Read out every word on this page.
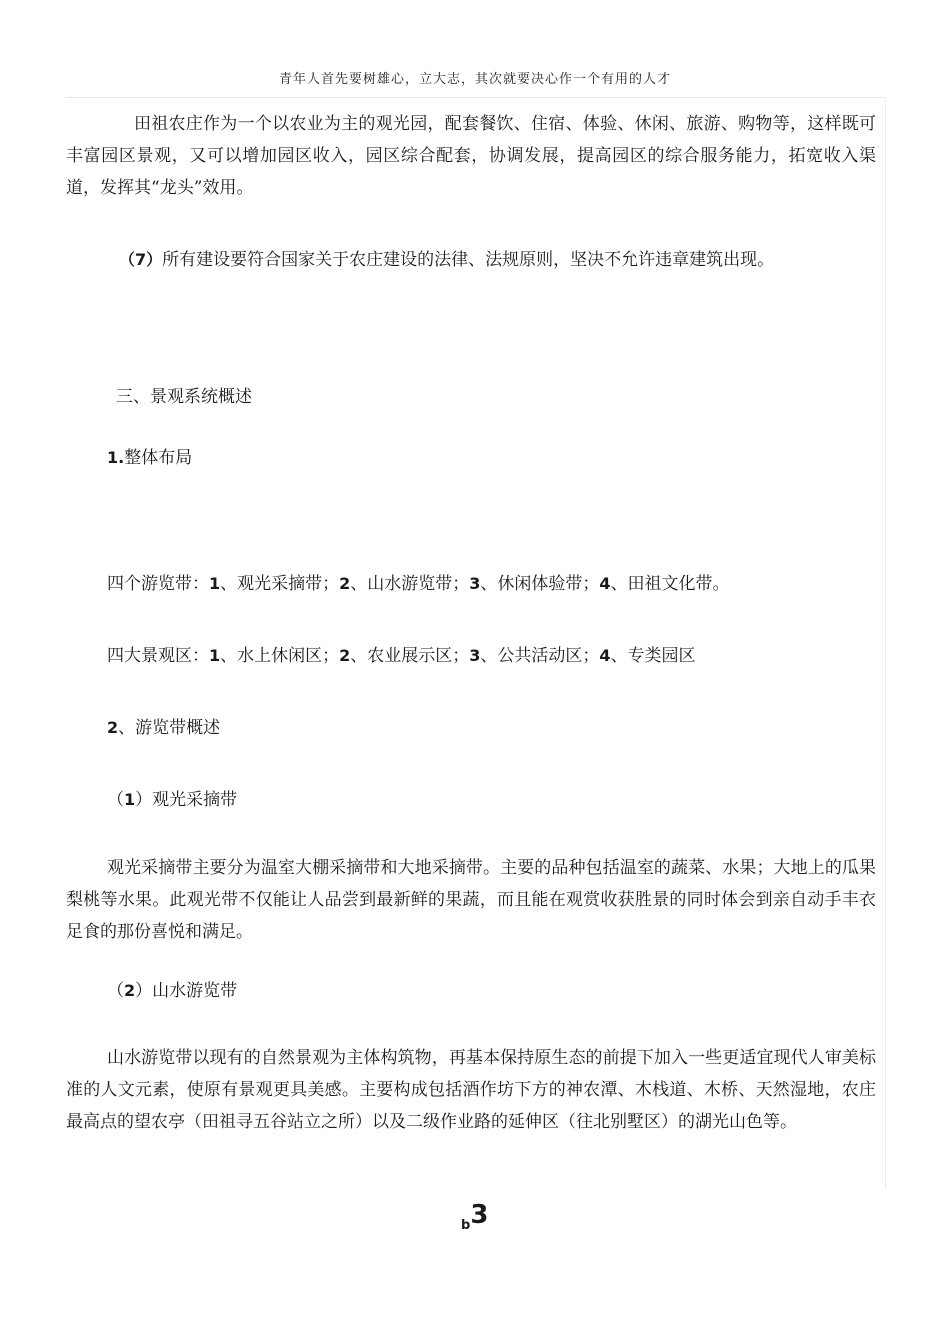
青年人首先要树雄心，立大志，其次就要决心作一个有用的人才
田祖农庄作为一个以农业为主的观光园，配套餐饮、住宿、体验、休闲、旅游、购物等，这样既可丰富园区景观，又可以增加园区收入，园区综合配套，协调发展，提高园区的综合服务能力，拓宽收入渠道，发挥其“龙头”效用。
（7）所有建设要符合国家关于农庄建设的法律、法规原则，坚决不允许违章建筑出现。
三、景观系统概述
1.整体布局
四个游览带：1、观光采摘带；2、山水游览带；3、休闲体验带；4、田祖文化带。
四大景观区：1、水上休闲区；2、农业展示区；3、公共活动区；4、专类园区
2、游览带概述
（1）观光采摘带
观光采摘带主要分为温室大棚采摘带和大地采摘带。主要的品种包括温室的蔬菜、水果；大地上的瓜果梨桃等水果。此观光带不仅能让人品尝到最新鲜的果蔬，而且能在观赏收获胜景的同时体会到亲自动手丰衣足食的那份喜悦和满足。
（2）山水游览带
山水游览带以现有的自然景观为主体构筑物，再基本保持原生态的前提下加入一些更适宜现代人审美标准的人文元素，使原有景观更具美感。主要构成包括酒作坊下方的神农潭、木栈道、木桥、天然湿地，农庄最高点的望农亭（田祖寻五谷站立之所）以及二级作业路的延伸区（往北别墅区）的湖光山色等。
$_b$3
